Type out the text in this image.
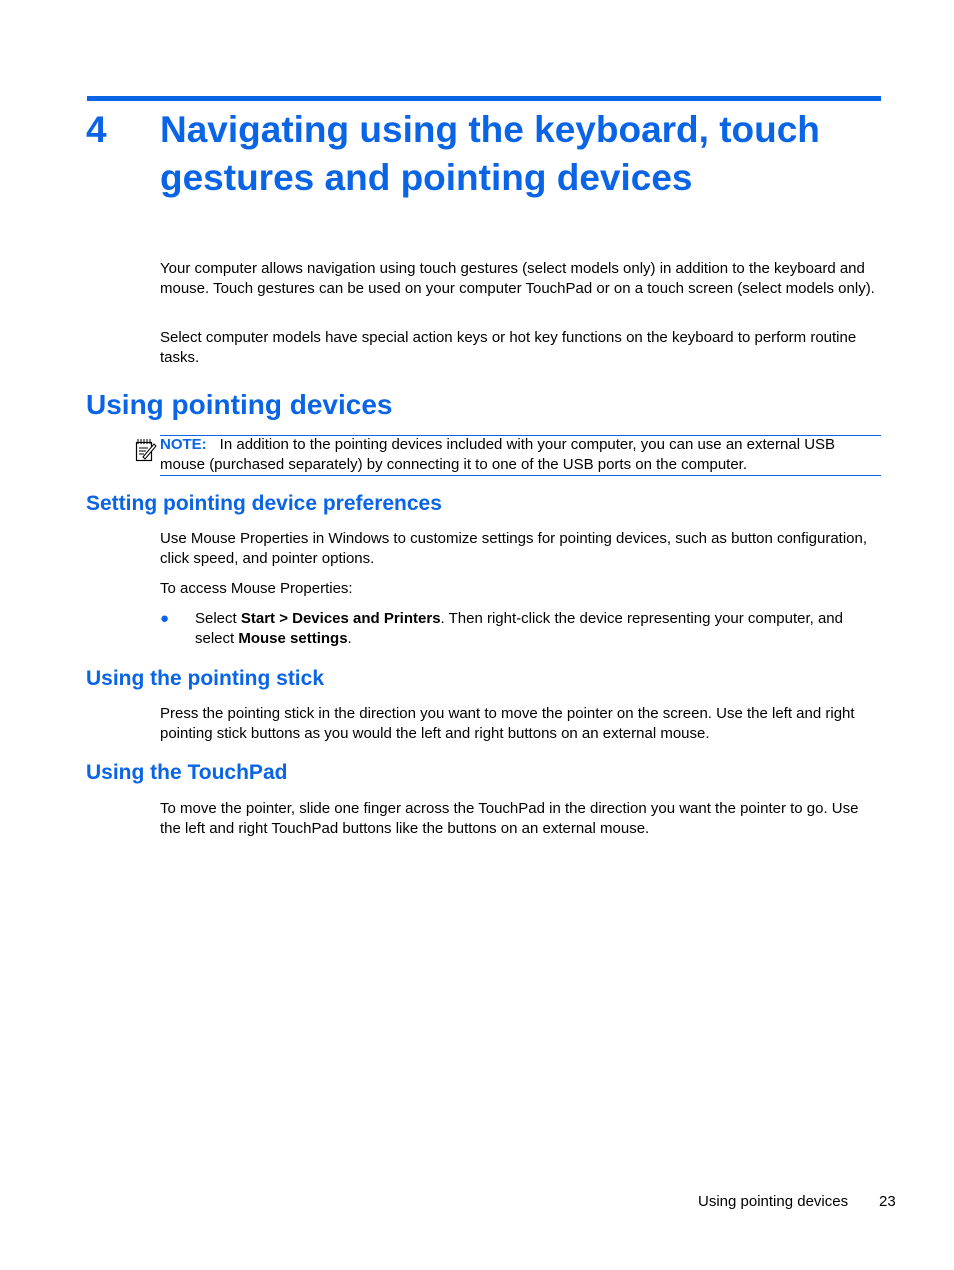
4 Navigating using the keyboard, touch gestures and pointing devices
Your computer allows navigation using touch gestures (select models only) in addition to the keyboard and mouse. Touch gestures can be used on your computer TouchPad or on a touch screen (select models only).
Select computer models have special action keys or hot key functions on the keyboard to perform routine tasks.
Using pointing devices
NOTE: In addition to the pointing devices included with your computer, you can use an external USB mouse (purchased separately) by connecting it to one of the USB ports on the computer.
Setting pointing device preferences
Use Mouse Properties in Windows to customize settings for pointing devices, such as button configuration, click speed, and pointer options.
To access Mouse Properties:
● Select Start > Devices and Printers. Then right-click the device representing your computer, and select Mouse settings.
Using the pointing stick
Press the pointing stick in the direction you want to move the pointer on the screen. Use the left and right pointing stick buttons as you would the left and right buttons on an external mouse.
Using the TouchPad
To move the pointer, slide one finger across the TouchPad in the direction you want the pointer to go. Use the left and right TouchPad buttons like the buttons on an external mouse.
Using pointing devices 23
